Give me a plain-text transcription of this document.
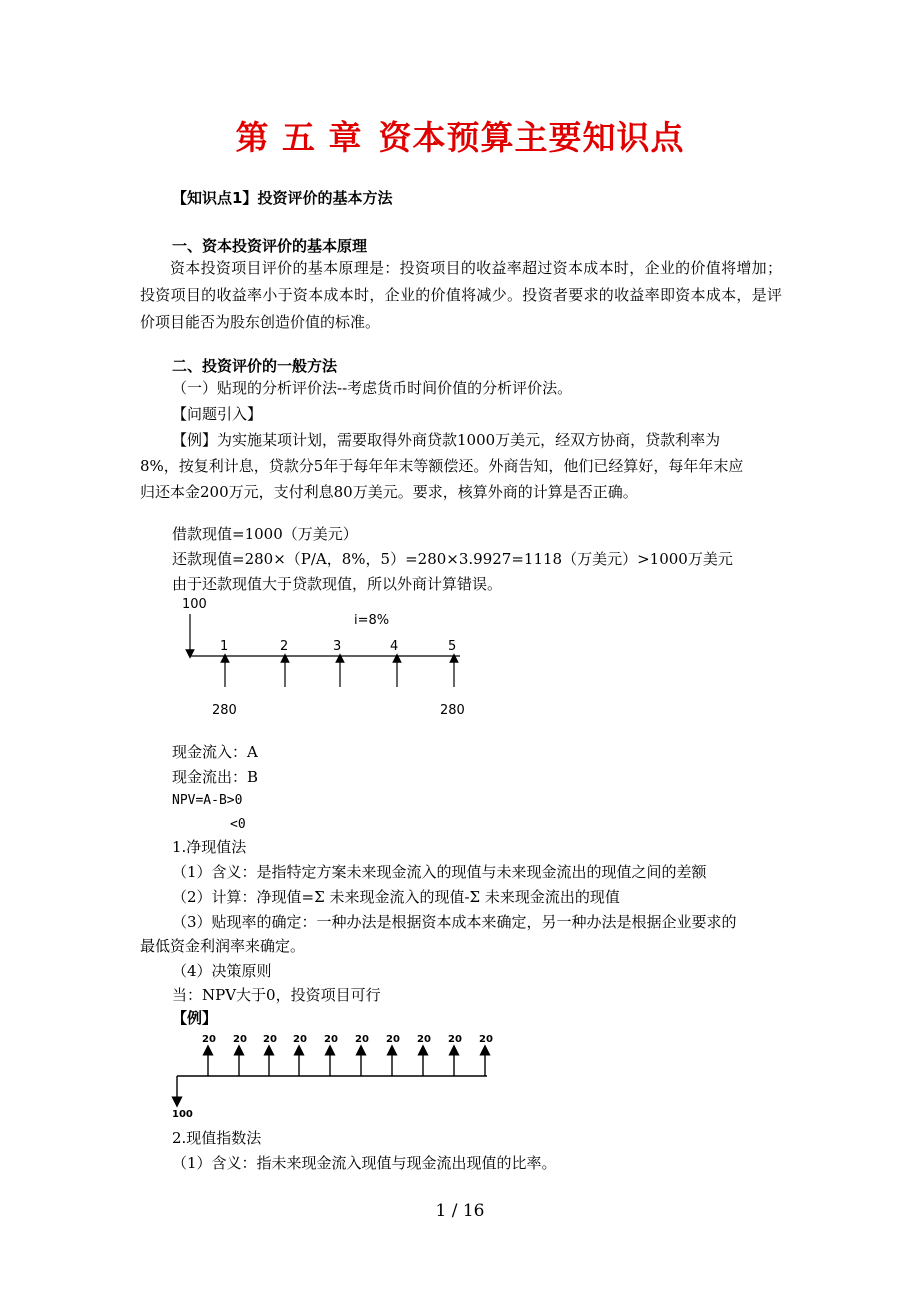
第 五 章 资本预算主要知识点
【知识点1】投资评价的基本方法
一、资本投资评价的基本原理
资本投资项目评价的基本原理是：投资项目的收益率超过资本成本时，企业的价值将增加；投资项目的收益率小于资本成本时，企业的价值将减少。投资者要求的收益率即资本成本，是评价项目能否为股东创造价值的标准。
二、投资评价的一般方法
（一）贴现的分析评价法--考虑货币时间价值的分析评价法。
【问题引入】
【例】为实施某项计划，需要取得外商贷款1000万美元，经双方协商，贷款利率为
8%，按复利计息，贷款分5年于每年年末等额偿还。外商告知，他们已经算好，每年年末应
归还本金200万元，支付利息80万美元。要求，核算外商的计算是否正确。
借款现值=1000（万美元）
还款现值=280×（P/A，8%，5）=280×3.9927=1118（万美元）>1000万美元
由于还款现值大于贷款现值，所以外商计算错误。
100
i=8%
1	2	3	4	5
280	280
现金流入：A
现金流出：B
NPV=A-B>0
<0
1.净现值法
（1）含义：是指特定方案未来现金流入的现值与未来现金流出的现值之间的差额
（2）计算：净现值=Σ 未来现金流入的现值-Σ 未来现金流出的现值
（3）贴现率的确定：一种办法是根据资本成本来确定，另一种办法是根据企业要求的
最低资金利润率来确定。
（4）决策原则
当：NPV大于0，投资项目可行
【例】
100
20 20 20 20 20 20 20 20 20 20
2.现值指数法
（1）含义：指未来现金流入现值与现金流出现值的比率。
1 / 16
